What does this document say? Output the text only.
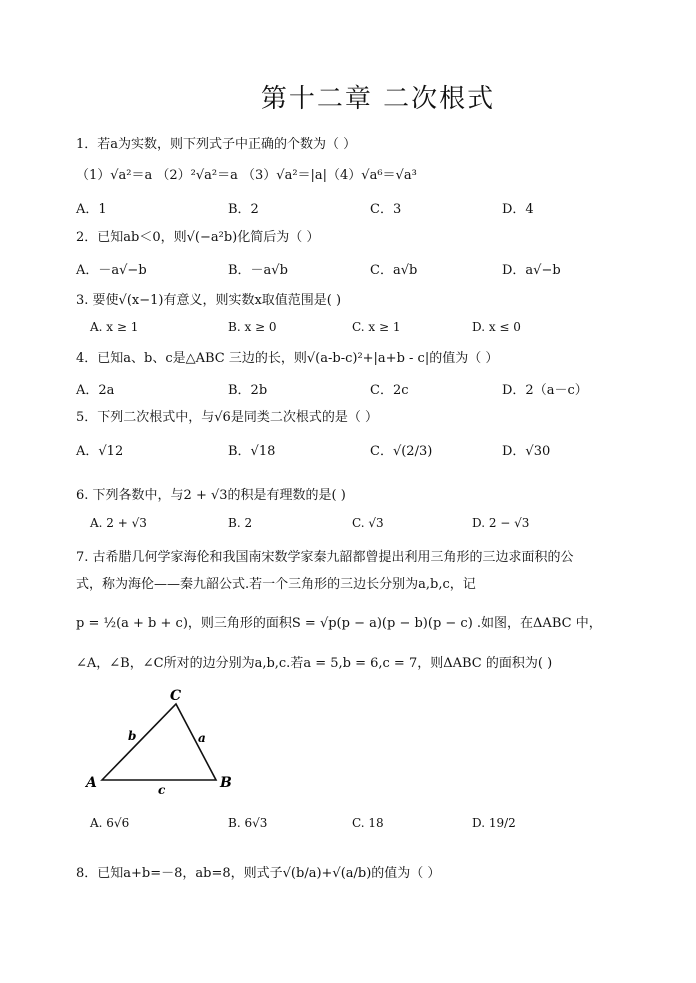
第十二章 二次根式
1．若a为实数，则下列式子中正确的个数为（ ）
（1）√a²＝a （2）²√a²＝a （3）√a²＝|a|（4）√a⁶＝√a³
A．1	B．2	C．3	D．4
2．已知ab＜0，则√(−a²b)化简后为（ ）
A．－a√−b	B．－a√b	C．a√b	D．a√−b
3. 要使√(x−1)有意义，则实数x取值范围是( )
A. x ≥ 1	B. x ≥ 0	C. x ≥ 1	D. x ≤ 0
4．已知a、b、c是△ABC 三边的长，则√(a-b-c)²+|a+b - c|的值为（ ）
A．2a	B．2b	C．2c	D．2（a－c）
5．下列二次根式中，与√6是同类二次根式的是（ ）
A．√12	B．√18	C．√(2/3)	D．√30
6. 下列各数中，与2 + √3的积是有理数的是( )
A. 2 + √3	B. 2	C. √3	D. 2 − √3
7. 古希腊几何学家海伦和我国南宋数学家秦九韶都曾提出利用三角形的三边求面积的公
式，称为海伦——秦九韶公式.若一个三角形的三边长分别为a,b,c，记
p = ½(a + b + c)，则三角形的面积S = √p(p − a)(p − b)(p − c) .如图，在ΔABC 中，
∠A，∠B，∠C所对的边分别为a,b,c.若a = 5,b = 6,c = 7，则ΔABC 的面积为( )
C
A	B
b	a
c
A. 6√6	B. 6√3	C. 18	D. 19/2
8．已知a+b=－8，ab=8，则式子√(b/a)+√(a/b)的值为（ ）
